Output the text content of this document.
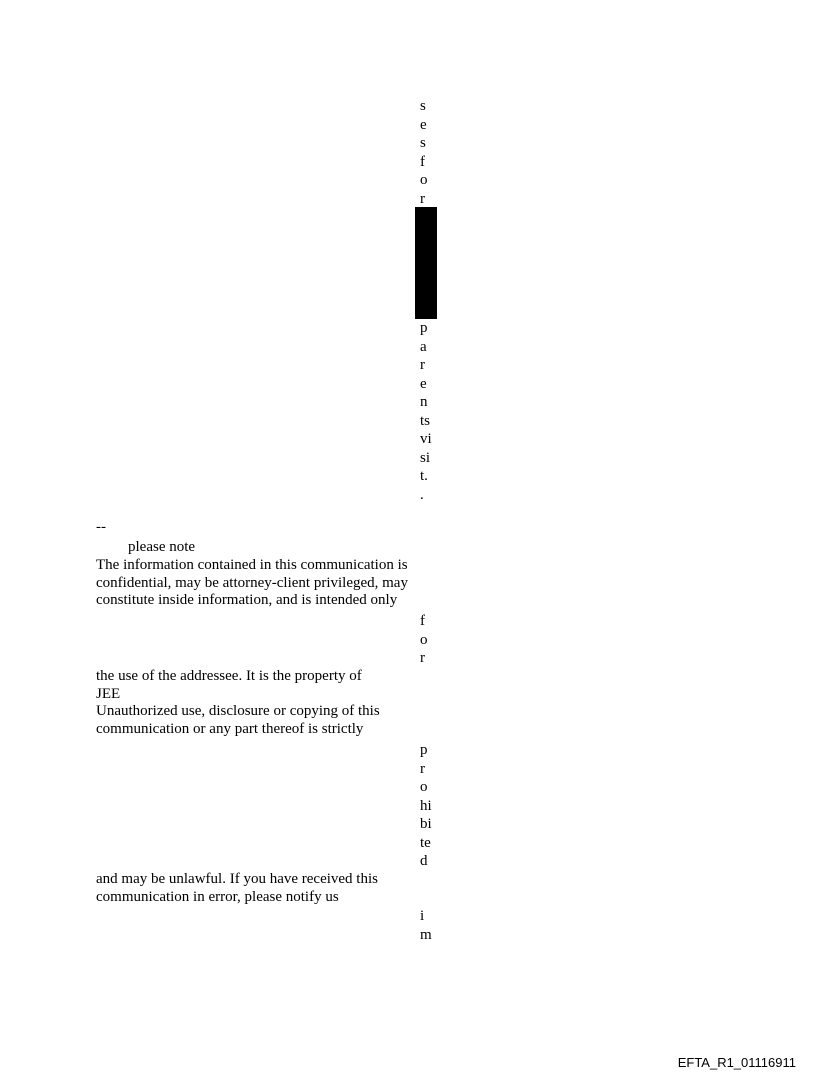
s
e
s
f
o
r
p
a
r
e
n
ts
vi
si
t.
.
--
please note
The information contained in this communication is
confidential, may be attorney-client privileged, may
constitute inside information, and is intended only
f
o
r
the use of the addressee. It is the property of
JEE
Unauthorized use, disclosure or copying of this
communication or any part thereof is strictly
p
r
o
hi
bi
te
d
and may be unlawful. If you have received this
communication in error, please notify us
i
m
EFTA_R1_01116911
